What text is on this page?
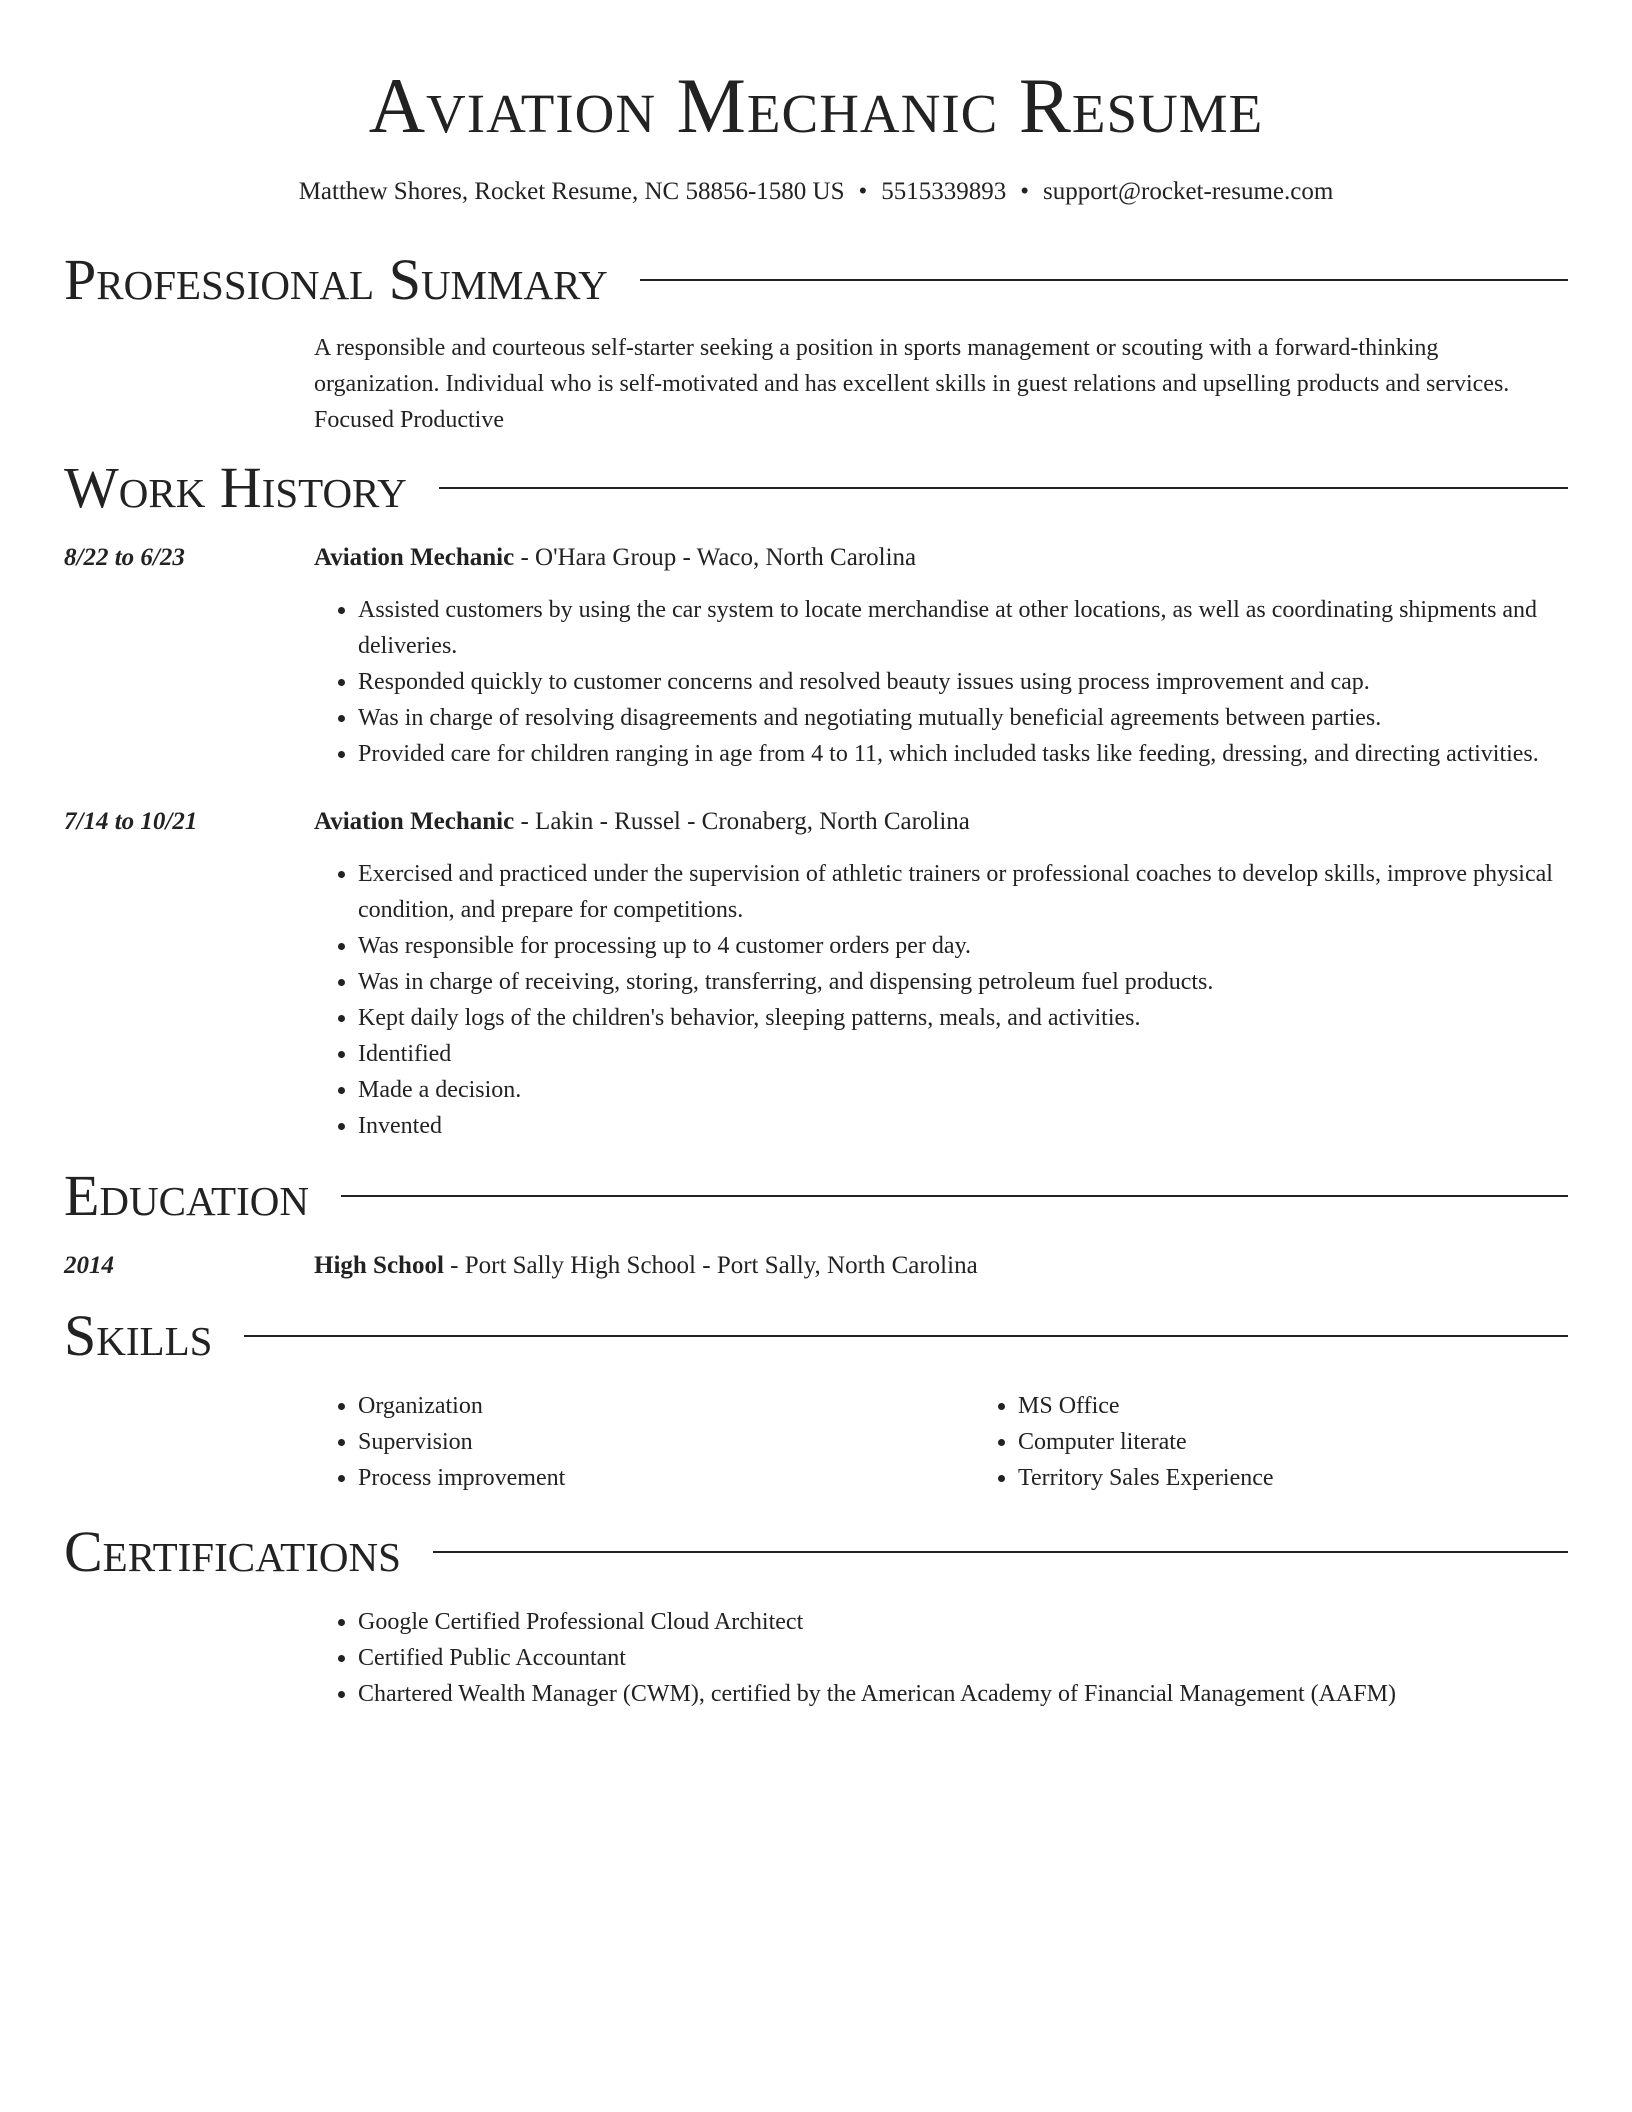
Aviation Mechanic Resume
Matthew Shores, Rocket Resume, NC 58856-1580 US • 5515339893 • support@rocket-resume.com
Professional Summary
A responsible and courteous self-starter seeking a position in sports management or scouting with a forward-thinking organization. Individual who is self-motivated and has excellent skills in guest relations and upselling products and services. Focused Productive
Work History
8/22 to 6/23	Aviation Mechanic - O'Hara Group - Waco, North Carolina
• Assisted customers by using the car system to locate merchandise at other locations, as well as coordinating shipments and deliveries.
• Responded quickly to customer concerns and resolved beauty issues using process improvement and cap.
• Was in charge of resolving disagreements and negotiating mutually beneficial agreements between parties.
• Provided care for children ranging in age from 4 to 11, which included tasks like feeding, dressing, and directing activities.
7/14 to 10/21	Aviation Mechanic - Lakin - Russel - Cronaberg, North Carolina
• Exercised and practiced under the supervision of athletic trainers or professional coaches to develop skills, improve physical condition, and prepare for competitions.
• Was responsible for processing up to 4 customer orders per day.
• Was in charge of receiving, storing, transferring, and dispensing petroleum fuel products.
• Kept daily logs of the children's behavior, sleeping patterns, meals, and activities.
• Identified
• Made a decision.
• Invented
Education
2014	High School - Port Sally High School - Port Sally, North Carolina
Skills
• Organization
• Supervision
• Process improvement
• MS Office
• Computer literate
• Territory Sales Experience
Certifications
• Google Certified Professional Cloud Architect
• Certified Public Accountant
• Chartered Wealth Manager (CWM), certified by the American Academy of Financial Management (AAFM)
